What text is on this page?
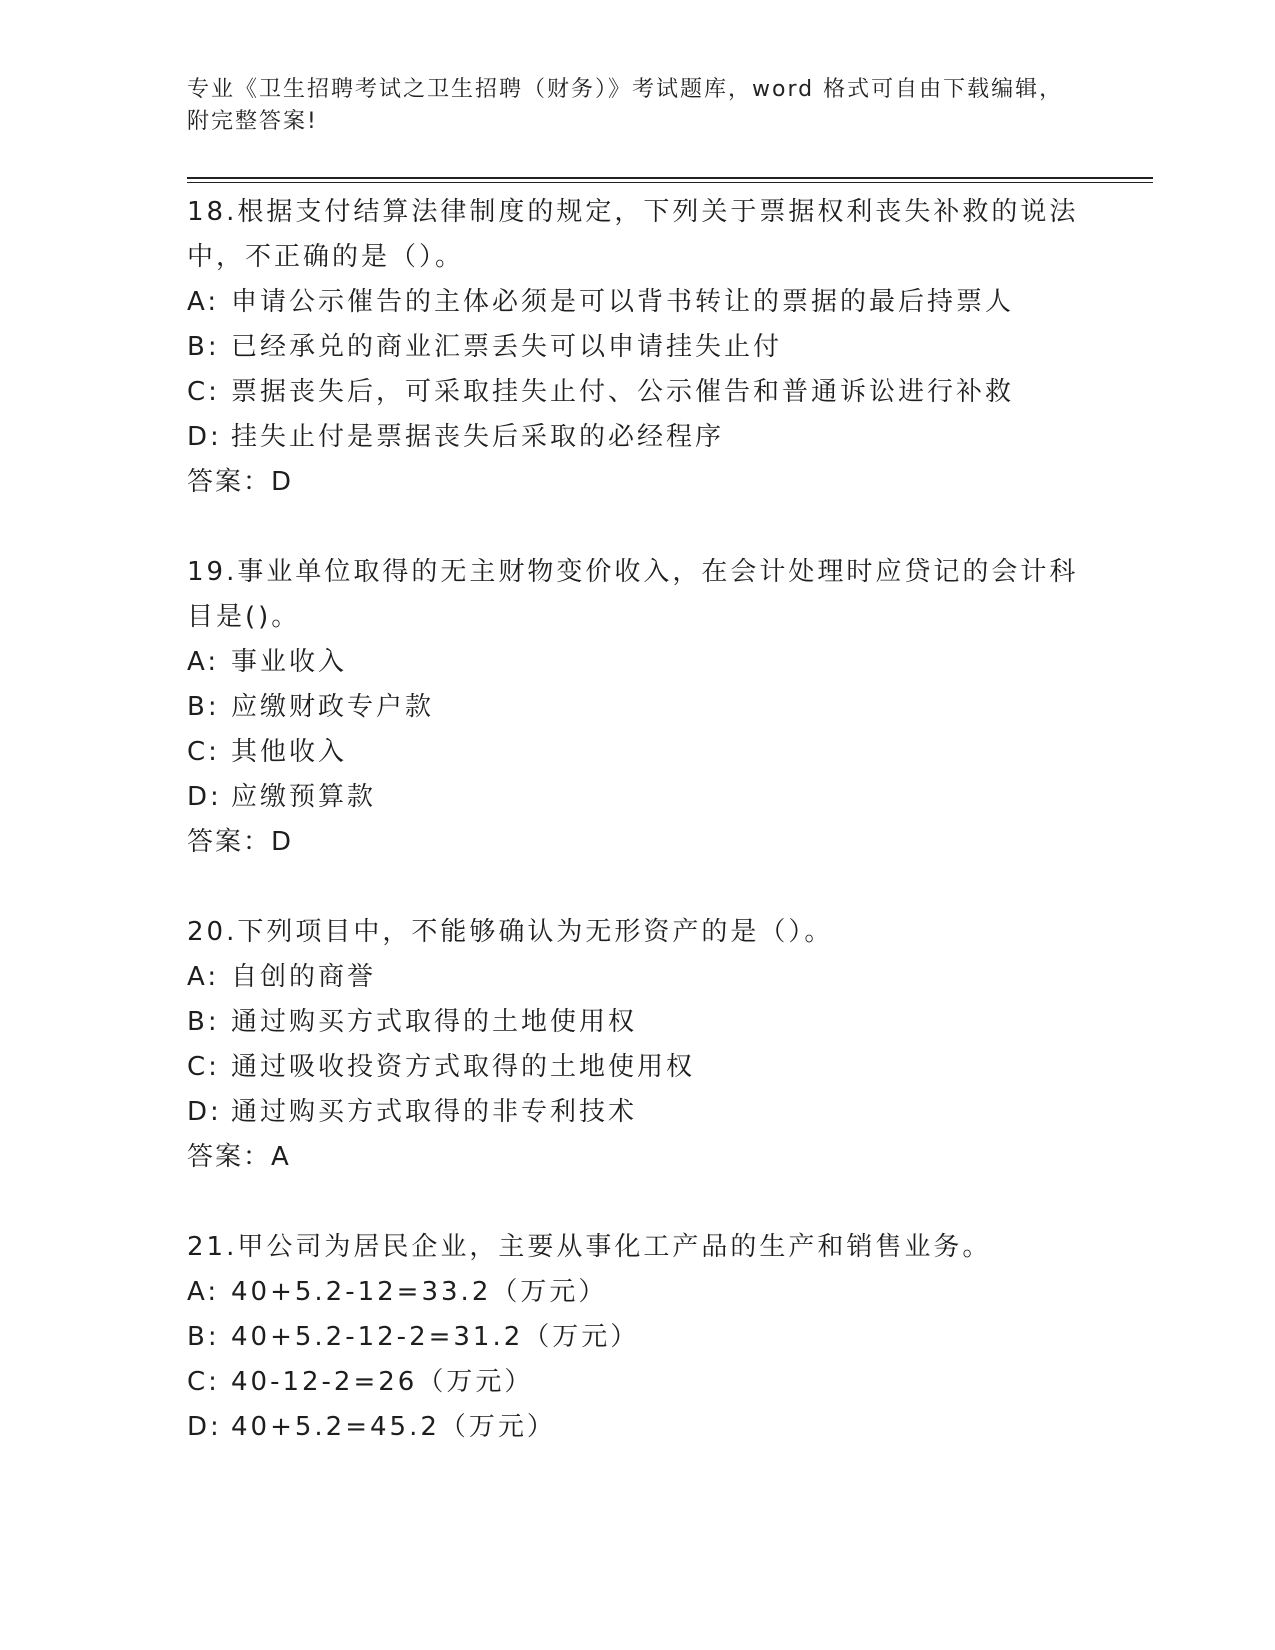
专业《卫生招聘考试之卫生招聘（财务）》考试题库，word 格式可自由下载编辑，附完整答案!

18.根据支付结算法律制度的规定，下列关于票据权利丧失补救的说法中，不正确的是（）。

A: 申请公示催告的主体必须是可以背书转让的票据的最后持票人

B: 已经承兑的商业汇票丢失可以申请挂失止付

C: 票据丧失后，可采取挂失止付、公示催告和普通诉讼进行补救

D: 挂失止付是票据丧失后采取的必经程序

答案：D

19.事业单位取得的无主财物变价收入，在会计处理时应贷记的会计科目是()。

A: 事业收入

B: 应缴财政专户款

C: 其他收入

D: 应缴预算款

答案：D

20.下列项目中，不能够确认为无形资产的是（）。

A: 自创的商誉

B: 通过购买方式取得的土地使用权

C: 通过吸收投资方式取得的土地使用权

D: 通过购买方式取得的非专利技术

答案：A

21.甲公司为居民企业，主要从事化工产品的生产和销售业务。

A: 40+5.2-12=33.2（万元）

B: 40+5.2-12-2=31.2（万元）

C: 40-12-2=26（万元）

D: 40+5.2=45.2（万元）
